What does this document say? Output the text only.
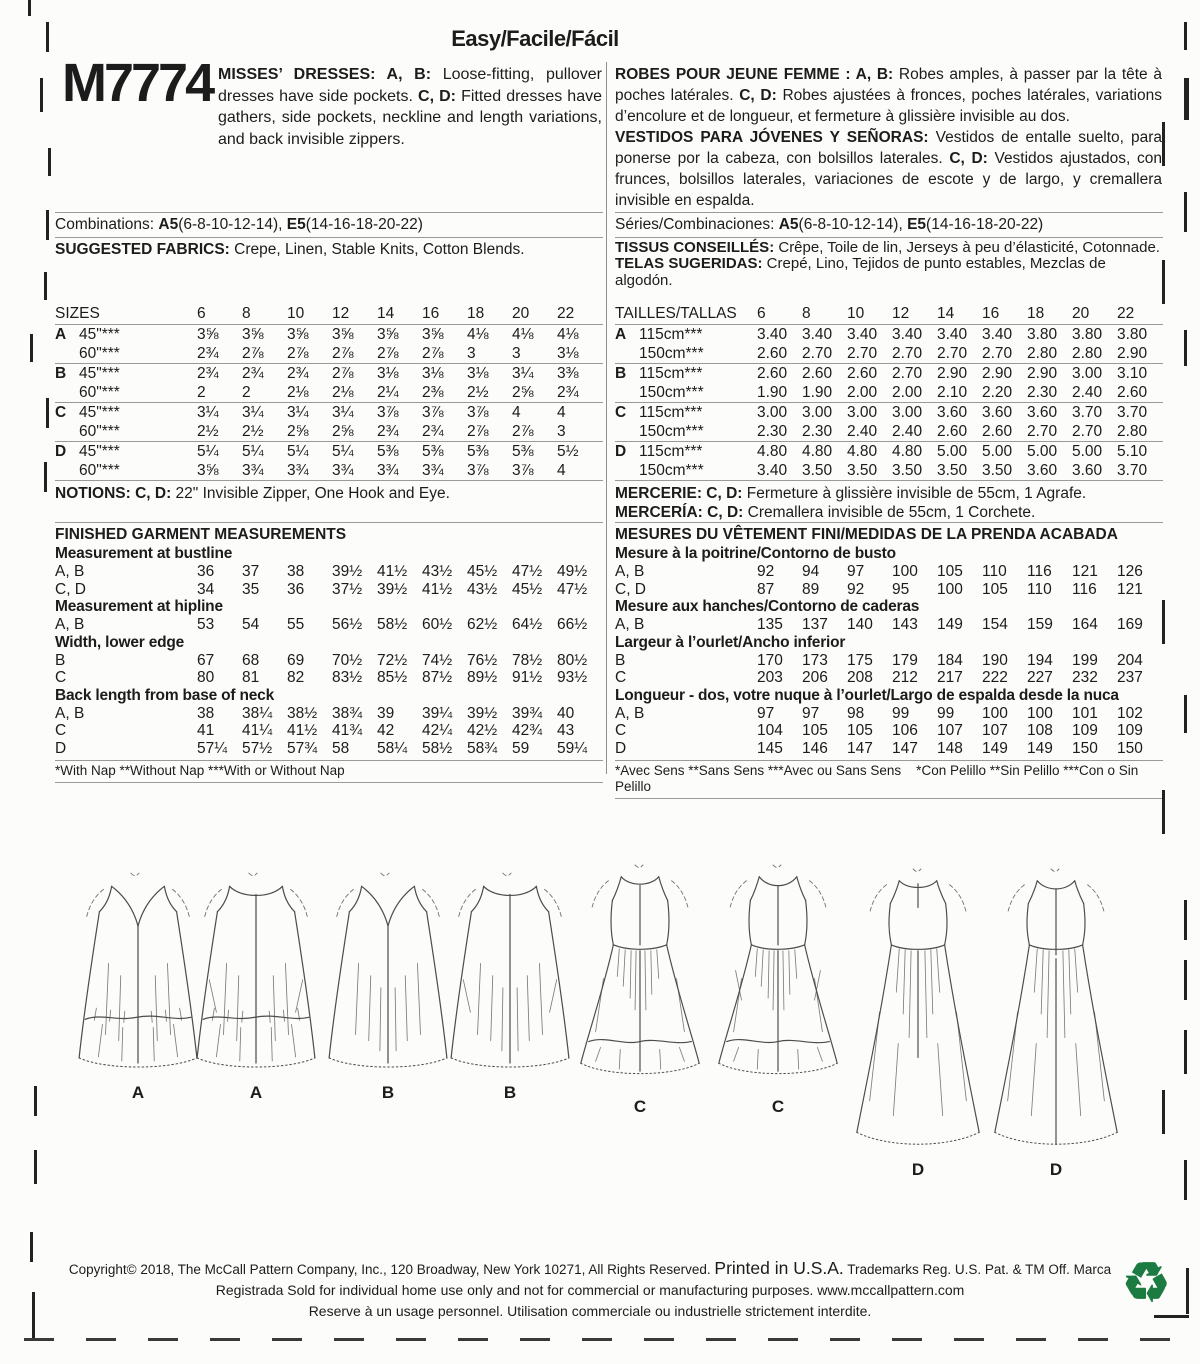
Easy/Facile/Fácil
M7774 MISSES’ DRESSES: A, B: Loose-fitting, pullover dresses have side pockets. C, D: Fitted dresses have gathers, side pockets, neckline and length variations, and back invisible zippers.
ROBES POUR JEUNE FEMME : A, B: Robes amples, à passer par la tête à poches latérales. C, D: Robes ajustées à fronces, poches latérales, variations d’encolure et de longueur, et fermeture à glissière invisible au dos.
VESTIDOS PARA JÓVENES Y SEÑORAS: Vestidos de entalle suelto, para ponerse por la cabeza, con bolsillos laterales. C, D: Vestidos ajustados, con frunces, bolsillos laterales, variaciones de escote y de largo, y cremallera invisible en espalda.
Combinations: A5(6-8-10-12-14), E5(14-16-18-20-22)
SUGGESTED FABRICS: Crepe, Linen, Stable Knits, Cotton Blends.
SIZES	6	8	10	12	14	16	18	20	22
A 45"***	3⅝	3⅝	3⅝	3⅝	3⅝	3⅝	4⅛	4⅛	4⅛
60"***	2¾	2⅞	2⅞	2⅞	2⅞	2⅞	3	3	3⅛
B 45"***	2¾	2¾	2¾	2⅞	3⅛	3⅛	3⅛	3¼	3⅜
60"***	2	2	2⅛	2⅛	2¼	2⅜	2½	2⅝	2¾
C 45"***	3¼	3¼	3¼	3¼	3⅞	3⅞	3⅞	4	4
60"***	2½	2½	2⅝	2⅝	2¾	2¾	2⅞	2⅞	3
D 45"***	5¼	5¼	5¼	5¼	5⅜	5⅜	5⅜	5⅜	5½
60"***	3⅝	3¾	3¾	3¾	3¾	3¾	3⅞	3⅞	4
NOTIONS: C, D: 22" Invisible Zipper, One Hook and Eye.
FINISHED GARMENT MEASUREMENTS
Measurement at bustline
A, B	36	37	38	39½ 41½ 43½ 45½ 47½ 49½
C, D	34	35	36	37½ 39½ 41½ 43½ 45½ 47½
Measurement at hipline
A, B	53	54	55	56½ 58½ 60½ 62½ 64½ 66½
Width, lower edge
B	67	68	69	70½ 72½ 74½ 76½ 78½ 80½
C	80	81	82	83½ 85½ 87½ 89½ 91½ 93½
Back length from base of neck
A, B	38	38¼ 38½ 38¾ 39	39¼ 39½ 39¾ 40
C	41	41¼ 41½ 41¾ 42	42¼ 42½ 42¾ 43
D	57¼ 57½ 57¾ 58	58¼ 58½ 58¾ 59	59¼
*With Nap **Without Nap ***With or Without Nap
Séries/Combinaciones: A5(6-8-10-12-14), E5(14-16-18-20-22)
TISSUS CONSEILLÉS: Crêpe, Toile de lin, Jerseys à peu d’élasticité, Cotonnade.
TELAS SUGERIDAS: Crepé, Lino, Tejidos de punto estables, Mezclas de algodón.
TAILLES/TALLAS	6	8	10	12	14	16	18	20	22
A 115cm***	3.40 3.40 3.40 3.40 3.40 3.40 3.80 3.80 3.80
150cm***	2.60 2.70 2.70 2.70 2.70 2.70 2.80 2.80 2.90
B 115cm***	2.60 2.60 2.60 2.70 2.90 2.90 2.90 3.00 3.10
150cm***	1.90 1.90 2.00 2.00 2.10 2.20 2.30 2.40 2.60
C 115cm***	3.00 3.00 3.00 3.00 3.60 3.60 3.60 3.70 3.70
150cm***	2.30 2.30 2.40 2.40 2.60 2.60 2.70 2.70 2.80
D 115cm***	4.80 4.80 4.80 4.80 5.00 5.00 5.00 5.00 5.10
150cm***	3.40 3.50 3.50 3.50 3.50 3.50 3.60 3.60 3.70
MERCERIE: C, D: Fermeture à glissière invisible de 55cm, 1 Agrafe.
MERCERÍA: C, D: Cremallera invisible de 55cm, 1 Corchete.
MESURES DU VÊTEMENT FINI/MEDIDAS DE LA PRENDA ACABADA
Mesure à la poitrine/Contorno de busto
A, B	92	94	97	100	105	110	116	121	126
C, D	87	89	92	95	100	105	110	116	121
Mesure aux hanches/Contorno de caderas
A, B	135	137	140	143	149	154	159	164	169
Largeur à l’ourlet/Ancho inferior
B	170	173	175	179	184	190	194	199	204
C	203	206	208	212	217	222	227	232	237
Longueur - dos, votre nuque à l’ourlet/Largo de espalda desde la nuca
A, B	97	97	98	99	99	100	100	101	102
C	104	105	105	106	107	107	108	109	109
D	145	146	147	147	148	149	149	150	150
*Avec Sens **Sans Sens ***Avec ou Sans Sens    *Con Pelillo **Sin Pelillo ***Con o Sin Pelillo
A	A	B	B
C	C
D	D
Copyright© 2018, The McCall Pattern Company, Inc., 120 Broadway, New York 10271, All Rights Reserved. Printed in U.S.A. Trademarks Reg. U.S. Pat. & TM Off. Marca
Registrada Sold for individual home use only and not for commercial or manufacturing purposes. www.mccallpattern.com
Reserve à un usage personnel. Utilisation commerciale ou industrielle strictement interdite.	♻
